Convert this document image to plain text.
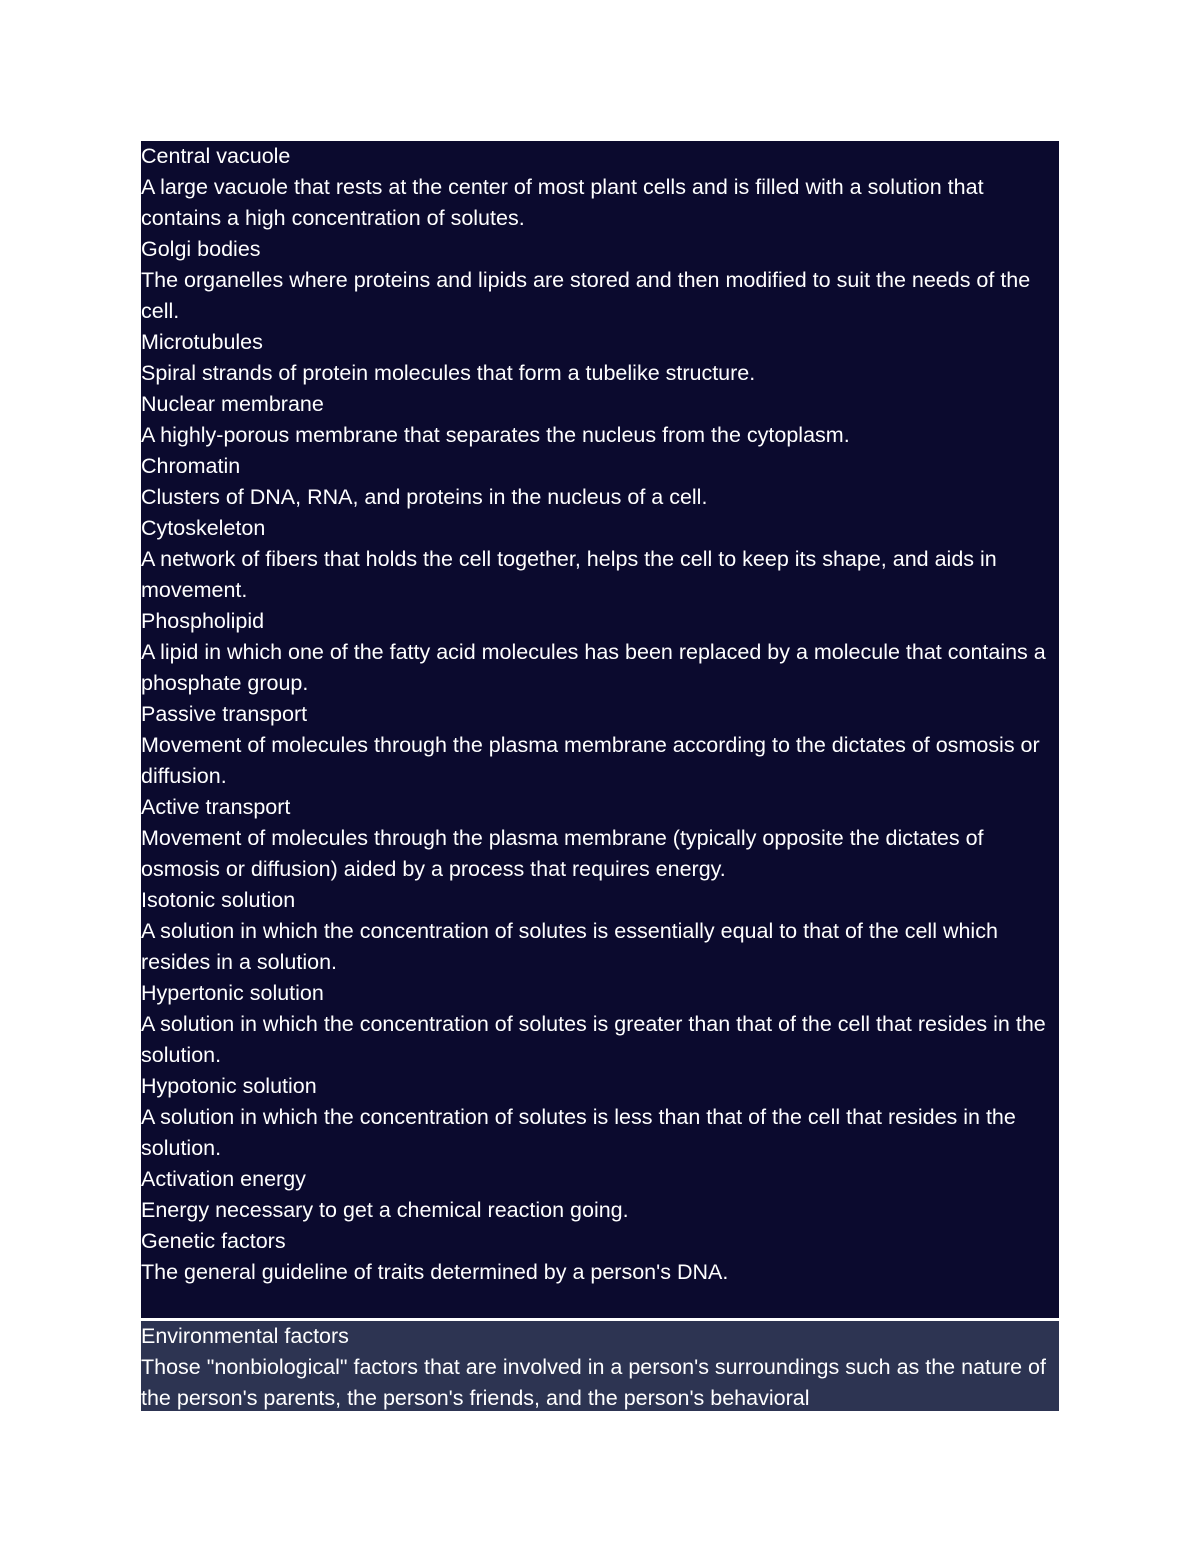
Central vacuole

A large vacuole that rests at the center of most plant cells and is filled with a solution that contains a high concentration of solutes.

Golgi bodies

The organelles where proteins and lipids are stored and then modified to suit the needs of the cell.

Microtubules

Spiral strands of protein molecules that form a tubelike structure.

Nuclear membrane

A highly-porous membrane that separates the nucleus from the cytoplasm.

Chromatin

Clusters of DNA, RNA, and proteins in the nucleus of a cell.

Cytoskeleton

A network of fibers that holds the cell together, helps the cell to keep its shape, and aids in movement.

Phospholipid

A lipid in which one of the fatty acid molecules has been replaced by a molecule that contains a phosphate group.

Passive transport

Movement of molecules through the plasma membrane according to the dictates of osmosis or diffusion.

Active transport

Movement of molecules through the plasma membrane (typically opposite the dictates of osmosis or diffusion) aided by a process that requires energy.

Isotonic solution

A solution in which the concentration of solutes is essentially equal to that of the cell which resides in a solution.

Hypertonic solution

A solution in which the concentration of solutes is greater than that of the cell that resides in the solution.

Hypotonic solution

A solution in which the concentration of solutes is less than that of the cell that resides in the solution.

Activation energy

Energy necessary to get a chemical reaction going.

Genetic factors

The general guideline of traits determined by a person's DNA.

Environmental factors

Those "nonbiological" factors that are involved in a person's surroundings such as the nature of the person's parents, the person's friends, and the person's behavioral
